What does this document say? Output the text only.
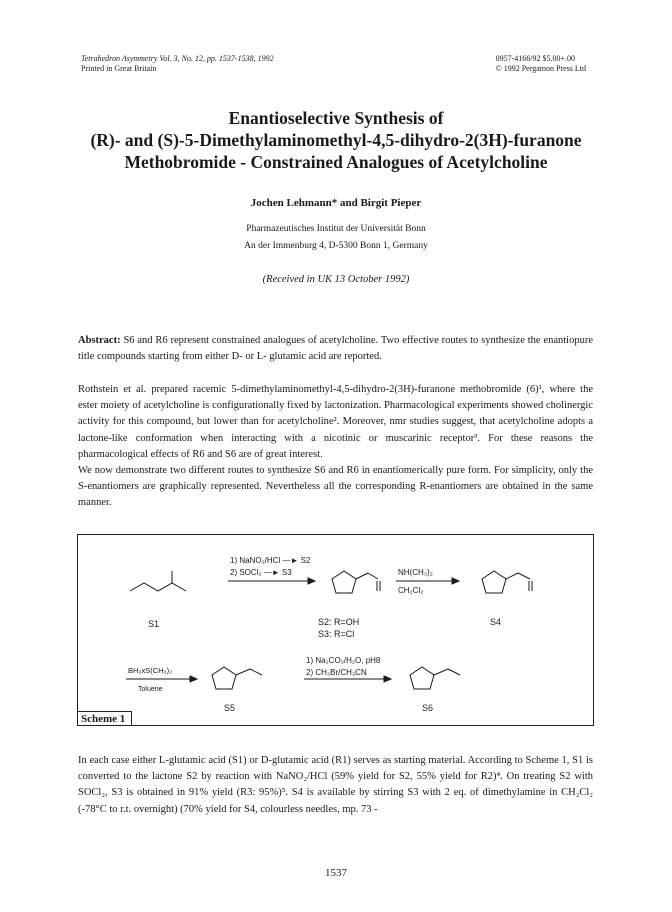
Tetrahedron Asymmetry Vol. 3, No. 12, pp. 1537-1538, 1992
Printed in Great Britain
0957-4166/92 $5.00+.00
© 1992 Pergamon Press Ltd
Enantioselective Synthesis of
(R)- and (S)-5-Dimethylaminomethyl-4,5-dihydro-2(3H)-furanone
Methobromide - Constrained Analogues of Acetylcholine
Jochen Lehmann* and Birgit Pieper
Pharmazeutisches Institut der Universität Bonn
An der Immenburg 4, D-5300 Bonn 1, Germany
(Received in UK 13 October 1992)
Abstract: S6 and R6 represent constrained analogues of acetylcholine. Two effective routes to synthesize the enantiopure title compounds starting from either D- or L- glutamic acid are reported.
Rothstein et al. prepared racemic 5-dimethylaminomethyl-4,5-dihydro-2(3H)-furanone methobromide (6)¹, where the ester moiety of acetylcholine is configurationally fixed by lactonization. Pharmacological experiments showed cholinergic activity for this compound, but lower than for acetylcholine². Moreover, nmr studies suggest, that acetylcholine adopts a lactone-like conformation when interacting with a nicotinic or muscarinic receptor³. For these reasons the pharmacological effects of R6 and S6 are of great interest.
We now demonstrate two different routes to synthesize S6 and R6 in enantiomerically pure form. For simplicity, only the S-enantiomers are graphically represented. Nevertheless all the corresponding R-enantiomers are obtained in the same manner.
1) NaNO₂/HCl —► S2
2) SOCl₂ —► S3	NH(CH₃)₂
CH₂Cl₂
BH₃xS(CH₃)₂
Toluene
1) Na₂CO₃/H₂O, pH8
2) CH₃Br/CH₃CN
S1	S2: R=OH
S3: R=Cl
S4
S5	S6
Scheme 1
In each case either L-glutamic acid (S1) or D-glutamic acid (R1) serves as starting material. According to Scheme 1, S1 is converted to the lactone S2 by reaction with NaNO₂/HCl (59% yield for S2, 55% yield for R2)⁴. On treating S2 with SOCl₂, S3 is obtained in 91% yield (R3: 95%)⁵. S4 is available by stirring S3 with 2 eq. of dimethylamine in CH₂Cl₂ (-78°C to r.t. overnight) (70% yield for S4, colourless needles, mp. 73 -
1537
